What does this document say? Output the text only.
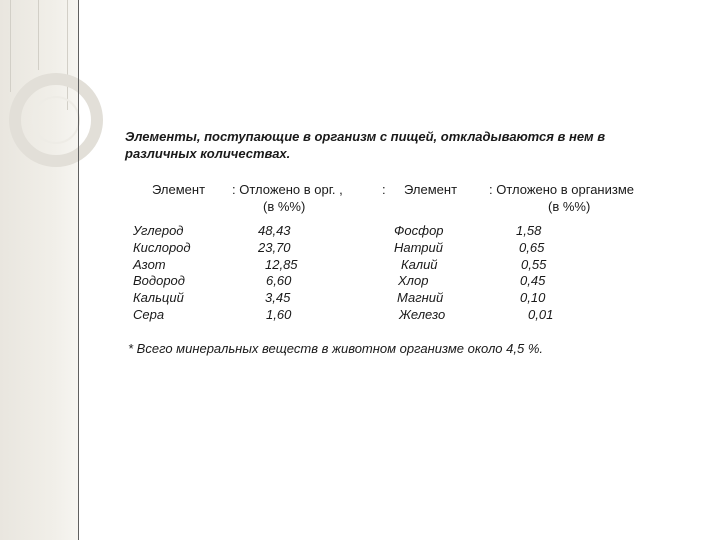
Элементы, поступающие в организм с пищей, откладываются в нем в
различных количествах.
Элемент : Отложено в орг. ,
(в %%)
: Элемент : Отложено в организме
(в %%)
Углерод
Кислород
Азот
Водород
Кальций
Сера
48,43
23,70
12,85
6,60
3,45
1,60
Фосфор
Натрий
Калий
Хлор
Магний
Железо
1,58
0,65
0,55
0,45
0,10
0,01
* Всего минеральных веществ в животном организме около 4,5 %.
